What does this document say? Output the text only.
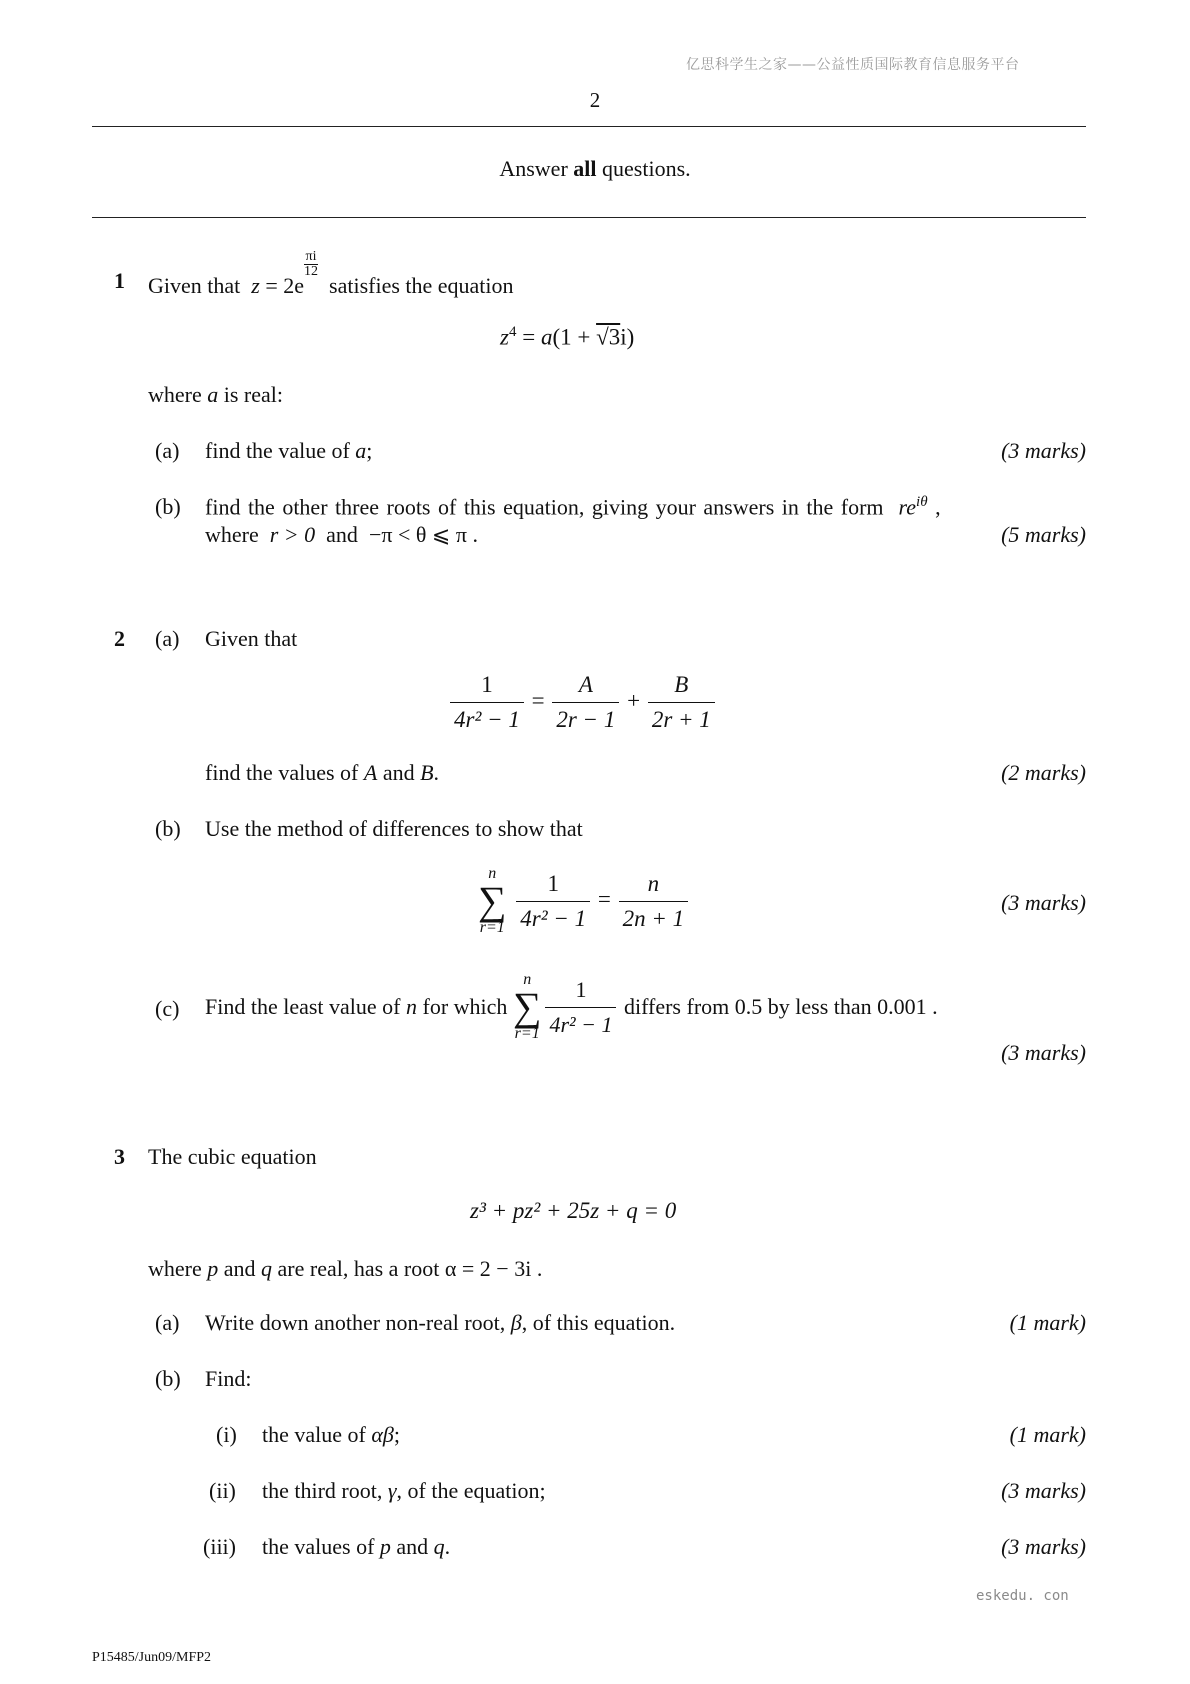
亿思科学生之家——公益性质国际教育信息服务平台
2
Answer all questions.
1 Given that z = 2e
$\frac{\pi i}{12}$
satisfies the equation
$z^4 = a(1 + √3i)$
where a is real:
(a) find the value of a;	(3 marks)
(b) find the other three roots of this equation, giving your answers in the form $re^{i\theta}$ ,
where r > 0 and −π < θ ⩽ π .	(5 marks)
2 (a) Given that
$\frac{1}{\text{4r² − 1}} = \frac{A}{2r - 1} + \frac{B}{2r + 1}$
find the values of A and B.	(2 marks)
(b) Use the method of differences to show that
n
∑
r=1
$\frac{1}{\text{4r² − 1}} = \frac{n}{2n + 1}$	(3 marks)
(c) Find the least value of n for which
n
∑
$r=1 \frac{1}{\text{4r² − 1}}$ differs from 0.5 by less than 0.001 .
(3 marks)
3 The cubic equation
z³ + pz² + 25z + q = 0
where p and q are real, has a root α = 2 − 3i .
(a) Write down another non-real root, β, of this equation.	(1 mark)
(b) Find:
(i) the value of αβ;	(1 mark)
(ii) the third root, γ, of the equation;	(3 marks)
(iii) the values of p and q.	(3 marks)
eskedu. con
P15485/Jun09/MFP2
